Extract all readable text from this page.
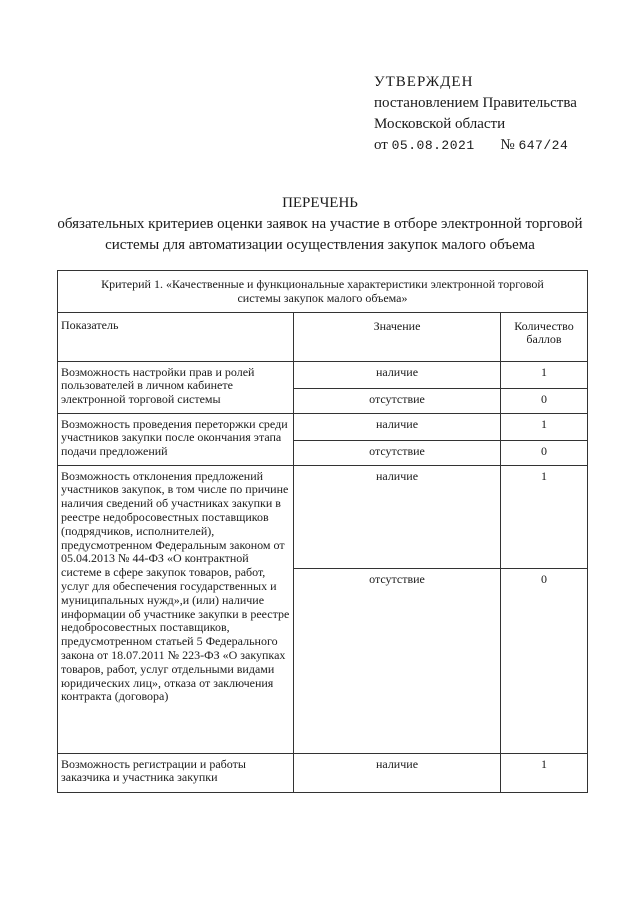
УТВЕРЖДЕН
постановлением Правительства
Московской области
от 05.08.2021 № 647/24
ПЕРЕЧЕНЬ
обязательных критериев оценки заявок на участие в отборе электронной торговой
системы для автоматизации осуществления закупок малого объема
Критерий 1. «Качественные и функциональные характеристики электронной торговой системы закупок малого объема»		
Показатель	Значение	Количество баллов
Возможность настройки прав и ролей пользователей в личном кабинете электронной торговой системы	наличие	1
	отсутствие	0
Возможность проведения переторжки среди участников закупки после окончания этапа подачи предложений	наличие	1
	отсутствие	0
Возможность отклонения предложений участников закупок, в том числе по причине наличия сведений об участниках закупки в реестре недобросовестных поставщиков (подрядчиков, исполнителей), предусмотренном Федеральным законом от 05.04.2013 № 44-ФЗ «О контрактной системе в сфере закупок товаров, работ, услуг для обеспечения государственных и муниципальных нужд»,и (или) наличие информации об участнике закупки в реестре недобросовестных поставщиков, предусмотренном статьей 5 Федерального закона от 18.07.2011 № 223-ФЗ «О закупках товаров, работ, услуг отдельными видами юридических лиц», отказа от заключения контракта (договора)	наличие	1
	отсутствие	0
Возможность регистрации и работы заказчика и участника закупки	наличие	1
